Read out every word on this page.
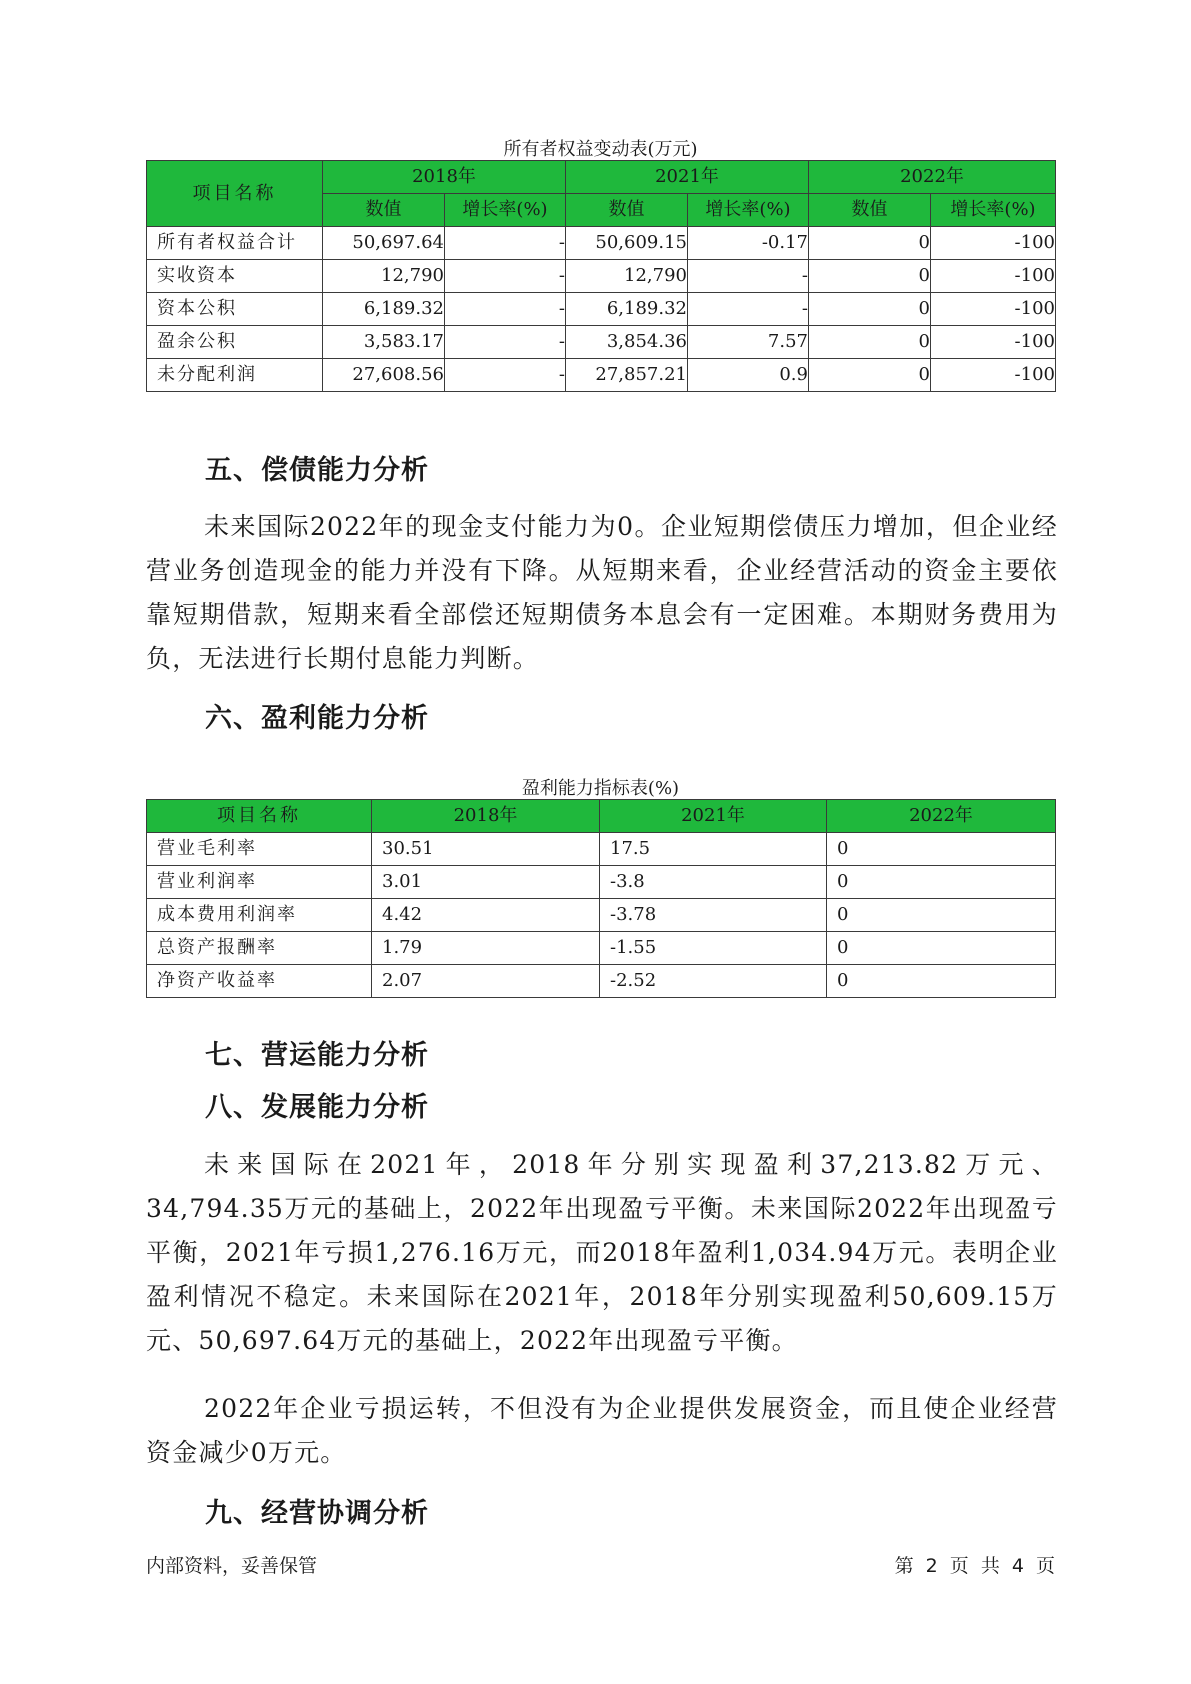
所有者权益变动表(万元)
项目名称	2018年		2021年		2022年	
	数值	增长率(%)	数值	增长率(%)	数值	增长率(%)
所有者权益合计	50,697.64	-	50,609.15	-0.17	0	-100
实收资本	12,790	-	12,790	-	0	-100
资本公积	6,189.32	-	6,189.32	-	0	-100
盈余公积	3,583.17	-	3,854.36	7.57	0	-100
未分配利润	27,608.56	-	27,857.21	0.9	0	-100
五、偿债能力分析

未来国际2022年的现金支付能力为0。企业短期偿债压力增加，但企业经营业务创造现金的能力并没有下降。从短期来看，企业经营活动的资金主要依靠短期借款，短期来看全部偿还短期债务本息会有一定困难。本期财务费用为负，无法进行长期付息能力判断。

六、盈利能力分析
盈利能力指标表(%)
项目名称	2018年	2021年	2022年
营业毛利率	30.51	17.5	0
营业利润率	3.01	-3.8	0
成本费用利润率	4.42	-3.78	0
总资产报酬率	1.79	-1.55	0
净资产收益率	2.07	-2.52	0
七、营运能力分析
八、发展能力分析

未来国际在2021年，2018年分别实现盈利37,213.82万元、34,794.35万元的基础上，2022年出现盈亏平衡。未来国际2022年出现盈亏平衡，2021年亏损1,276.16万元，而2018年盈利1,034.94万元。表明企业盈利情况不稳定。未来国际在2021年，2018年分别实现盈利50,609.15万元、50,697.64万元的基础上，2022年出现盈亏平衡。

2022年企业亏损运转，不但没有为企业提供发展资金，而且使企业经营资金减少0万元。

九、经营协调分析
内部资料，妥善保管	第 2 页 共 4 页
